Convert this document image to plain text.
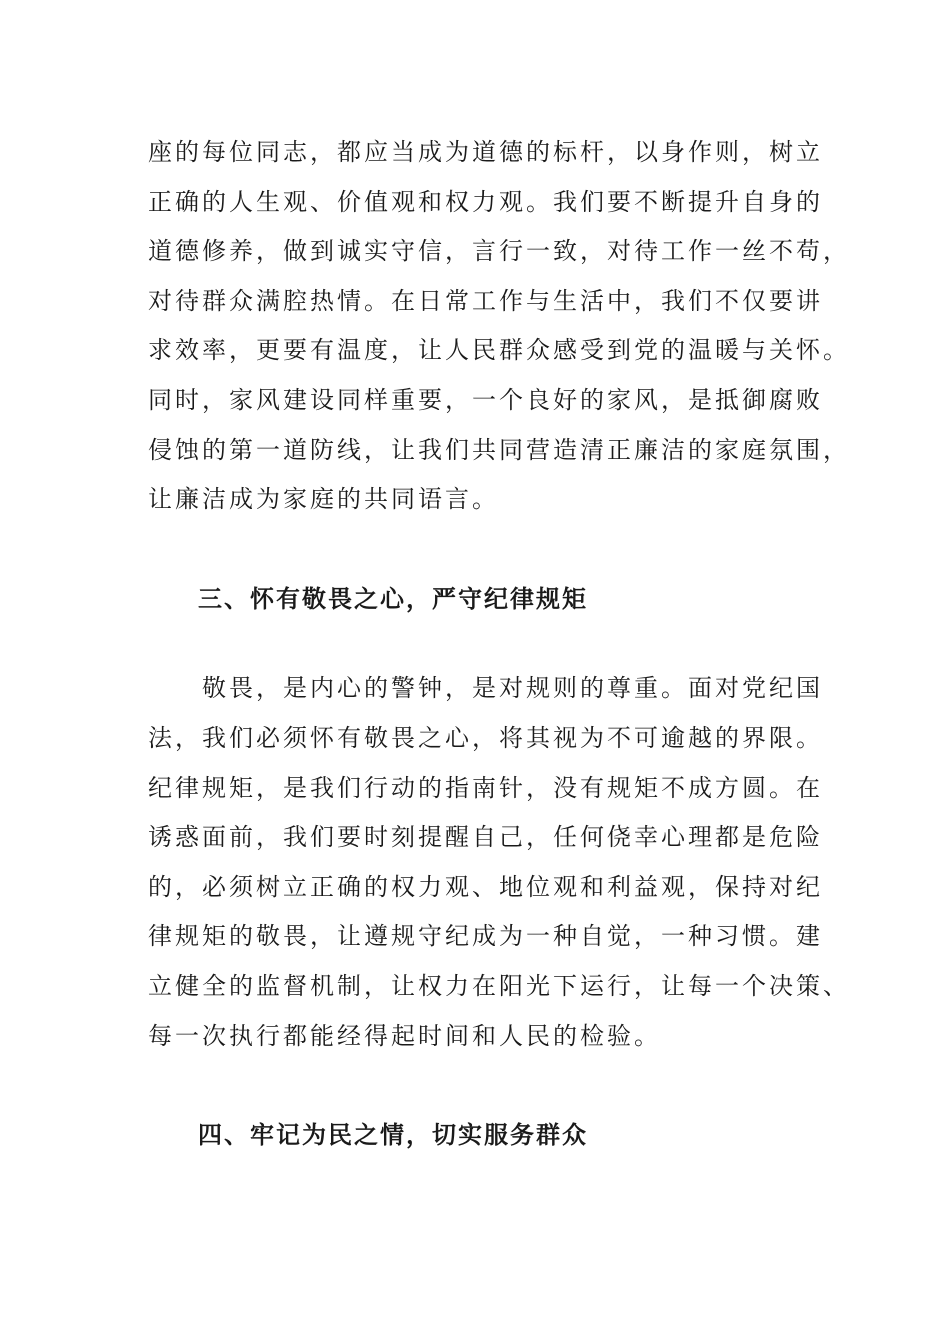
座的每位同志，都应当成为道德的标杆，以身作则，树立
正确的人生观、价值观和权力观。我们要不断提升自身的
道德修养，做到诚实守信，言行一致，对待工作一丝不苟，
对待群众满腔热情。在日常工作与生活中，我们不仅要讲
求效率，更要有温度，让人民群众感受到党的温暖与关怀。
同时，家风建设同样重要，一个良好的家风，是抵御腐败
侵蚀的第一道防线，让我们共同营造清正廉洁的家庭氛围，
让廉洁成为家庭的共同语言。
三、怀有敬畏之心，严守纪律规矩
　　敬畏，是内心的警钟，是对规则的尊重。面对党纪国
法，我们必须怀有敬畏之心，将其视为不可逾越的界限。
纪律规矩，是我们行动的指南针，没有规矩不成方圆。在
诱惑面前，我们要时刻提醒自己，任何侥幸心理都是危险
的，必须树立正确的权力观、地位观和利益观，保持对纪
律规矩的敬畏，让遵规守纪成为一种自觉，一种习惯。建
立健全的监督机制，让权力在阳光下运行，让每一个决策、
每一次执行都能经得起时间和人民的检验。
四、牢记为民之情，切实服务群众
